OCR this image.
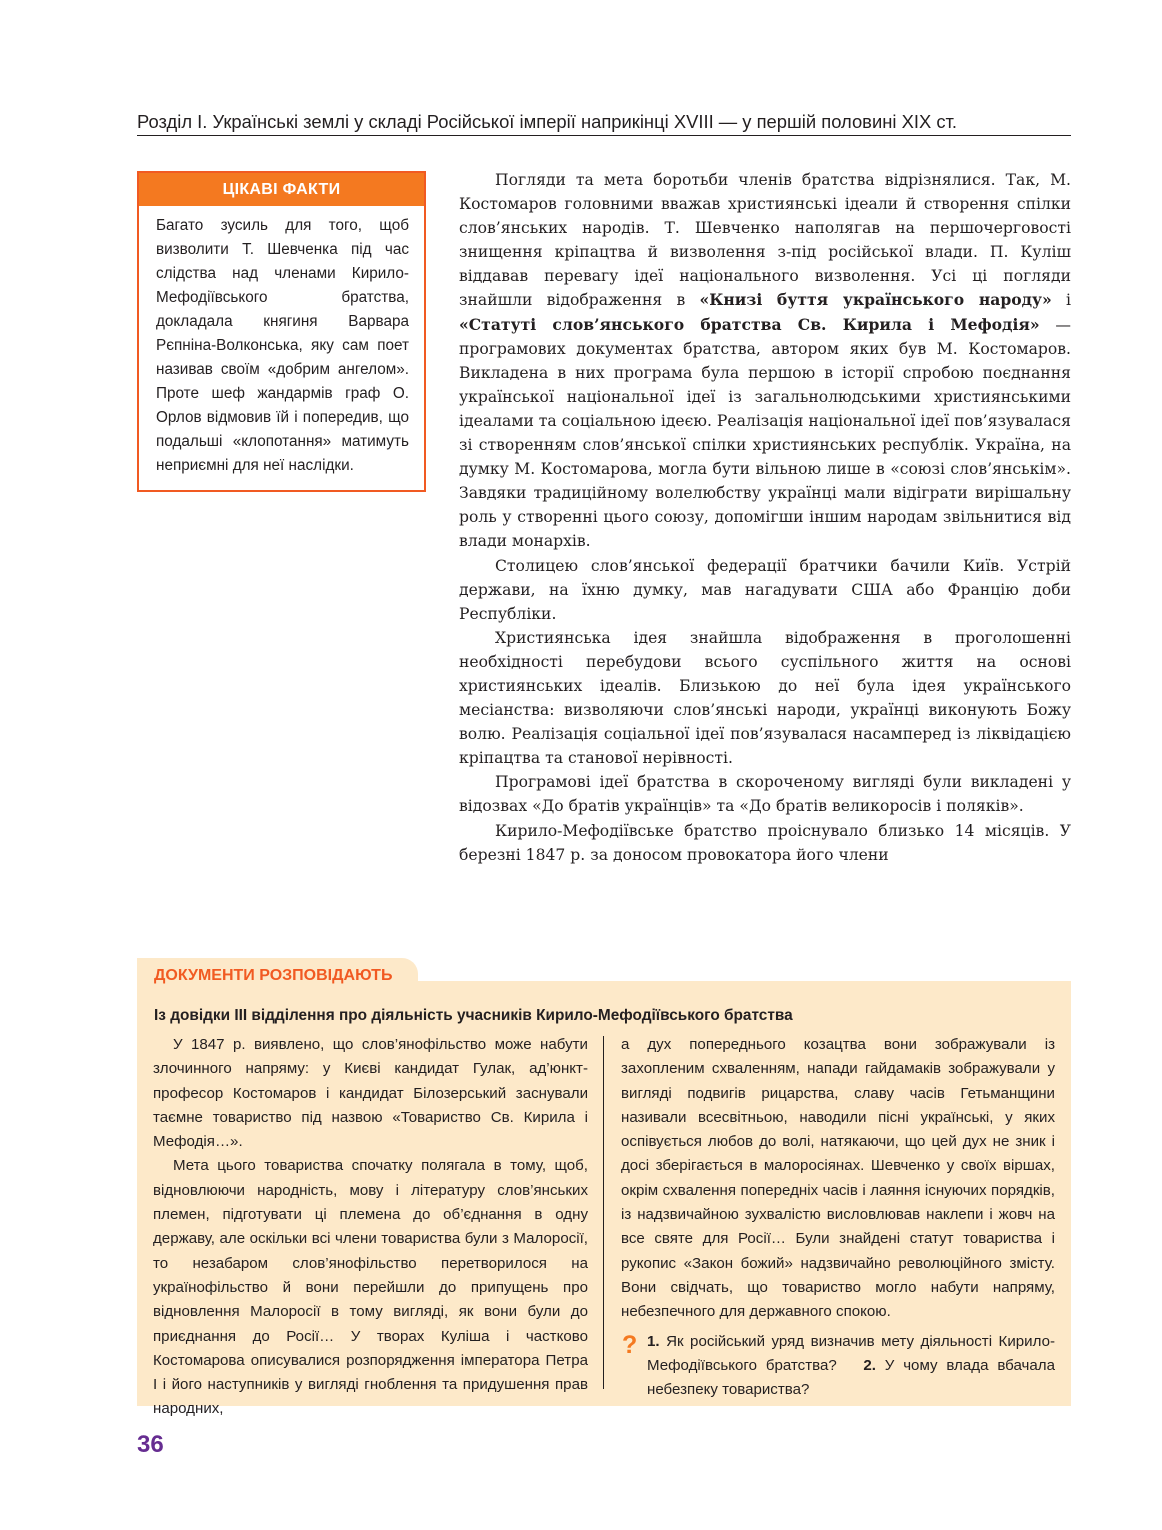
Розділ І. Українські землі у складі Російської імперії наприкінці ХVІІІ — у першій половині ХІХ ст.
ЦІКАВІ ФАКТИ
Багато зусиль для того, щоб визволити Т. Шевченка під час слідства над членами Кирило-Мефодіївського братства, докладала княгиня Варвара Рєпніна-Волконська, яку сам поет називав своїм «добрим ангелом». Проте шеф жандармів граф О. Орлов відмовив їй і попередив, що подальші «клопотання» матимуть неприємні для неї наслідки.

Погляди та мета боротьби членів братства відрізнялися. Так, М. Костомаров головними вважав християнські ідеали й створення спілки слов’янських народів. Т. Шевченко наполягав на першочерговості знищення кріпацтва й визволення з-під російської влади. П. Куліш віддавав перевагу ідеї національного визволення. Усі ці погляди знайшли відображення в «Книзі буття українського народу» і «Статуті слов’янського братства Св. Кирила і Мефодія» — програмових документах братства, автором яких був М. Костомаров. Викладена в них програма була першою в історії спробою поєднання української національної ідеї із загальнолюдськими християнськими ідеалами та соціальною ідеєю. Реалізація національної ідеї пов’язувалася зі створенням слов’янської спілки християнських республік. Україна, на думку М. Костомарова, могла бути вільною лише в «союзі слов’янськім». Завдяки традиційному волелюбству українці мали відіграти вирішальну роль у створенні цього союзу, допомігши іншим народам звільнитися від влади монархів.

Столицею слов’янської федерації братчики бачили Київ. Устрій держави, на їхню думку, мав нагадувати США або Францію доби Республіки.

Християнська ідея знайшла відображення в проголошенні необхідності перебудови всього суспільного життя на основі християнських ідеалів. Близькою до неї була ідея українського месіанства: визволяючи слов’янські народи, українці виконують Божу волю. Реалізація соціальної ідеї пов’язувалася насамперед із ліквідацією кріпацтва та станової нерівності.

Програмові ідеї братства в скороченому вигляді були викладені у відозвах «До братів українців» та «До братів великоросів і поляків».

Кирило-Мефодіївське братство проіснувало близько 14 місяців. У березні 1847 р. за доносом провокатора його члени

ДОКУМЕНТИ РОЗПОВІДАЮТЬ
Із довідки ІІІ відділення про діяльність учасників Кирило-Мефодіївського братства

У 1847 р. виявлено, що слов’янофільство може набути злочинного напряму: у Києві кандидат Гулак, ад’юнкт-професор Костомаров і кандидат Білозерський заснували таємне товариство під назвою «Товариство Св. Кирила і Мефодія…».

Мета цього товариства спочатку полягала в тому, щоб, відновлюючи народність, мову і літературу слов’янських племен, підготувати ці племена до об’єднання в одну державу, але оскільки всі члени товариства були з Малоросії, то незабаром слов’янофільство перетворилося на українофільство й вони перейшли до припущень про відновлення Малоросії в тому вигляді, як вони були до приєднання до Росії… У творах Куліша і частково Костомарова описувалися розпорядження імператора Петра І і його наступників у вигляді гноблення та придушення прав народних,

а дух попереднього козацтва вони зображували із захопленим схваленням, напади гайдамаків зображували у вигляді подвигів рицарства, славу часів Гетьманщини називали всесвітньою, наводили пісні українські, у яких оспівується любов до волі, натякаючи, що цей дух не зник і досі зберігається в малоросіянах. Шевченко у своїх віршах, окрім схвалення попередніх часів і лаяння існуючих порядків, із надзвичайною зухвалістю висловлював наклепи і жовч на все святе для Росії… Були знайдені статут товариства і рукопис «Закон божий» надзвичайно революційного змісту. Вони свідчать, що товариство могло набути напряму, небезпечного для державного спокою.

? 1. Як російський уряд визначив мету діяльності Кирило-Мефодіївського братства? 2. У чому влада вбачала небезпеку товариства?
36
